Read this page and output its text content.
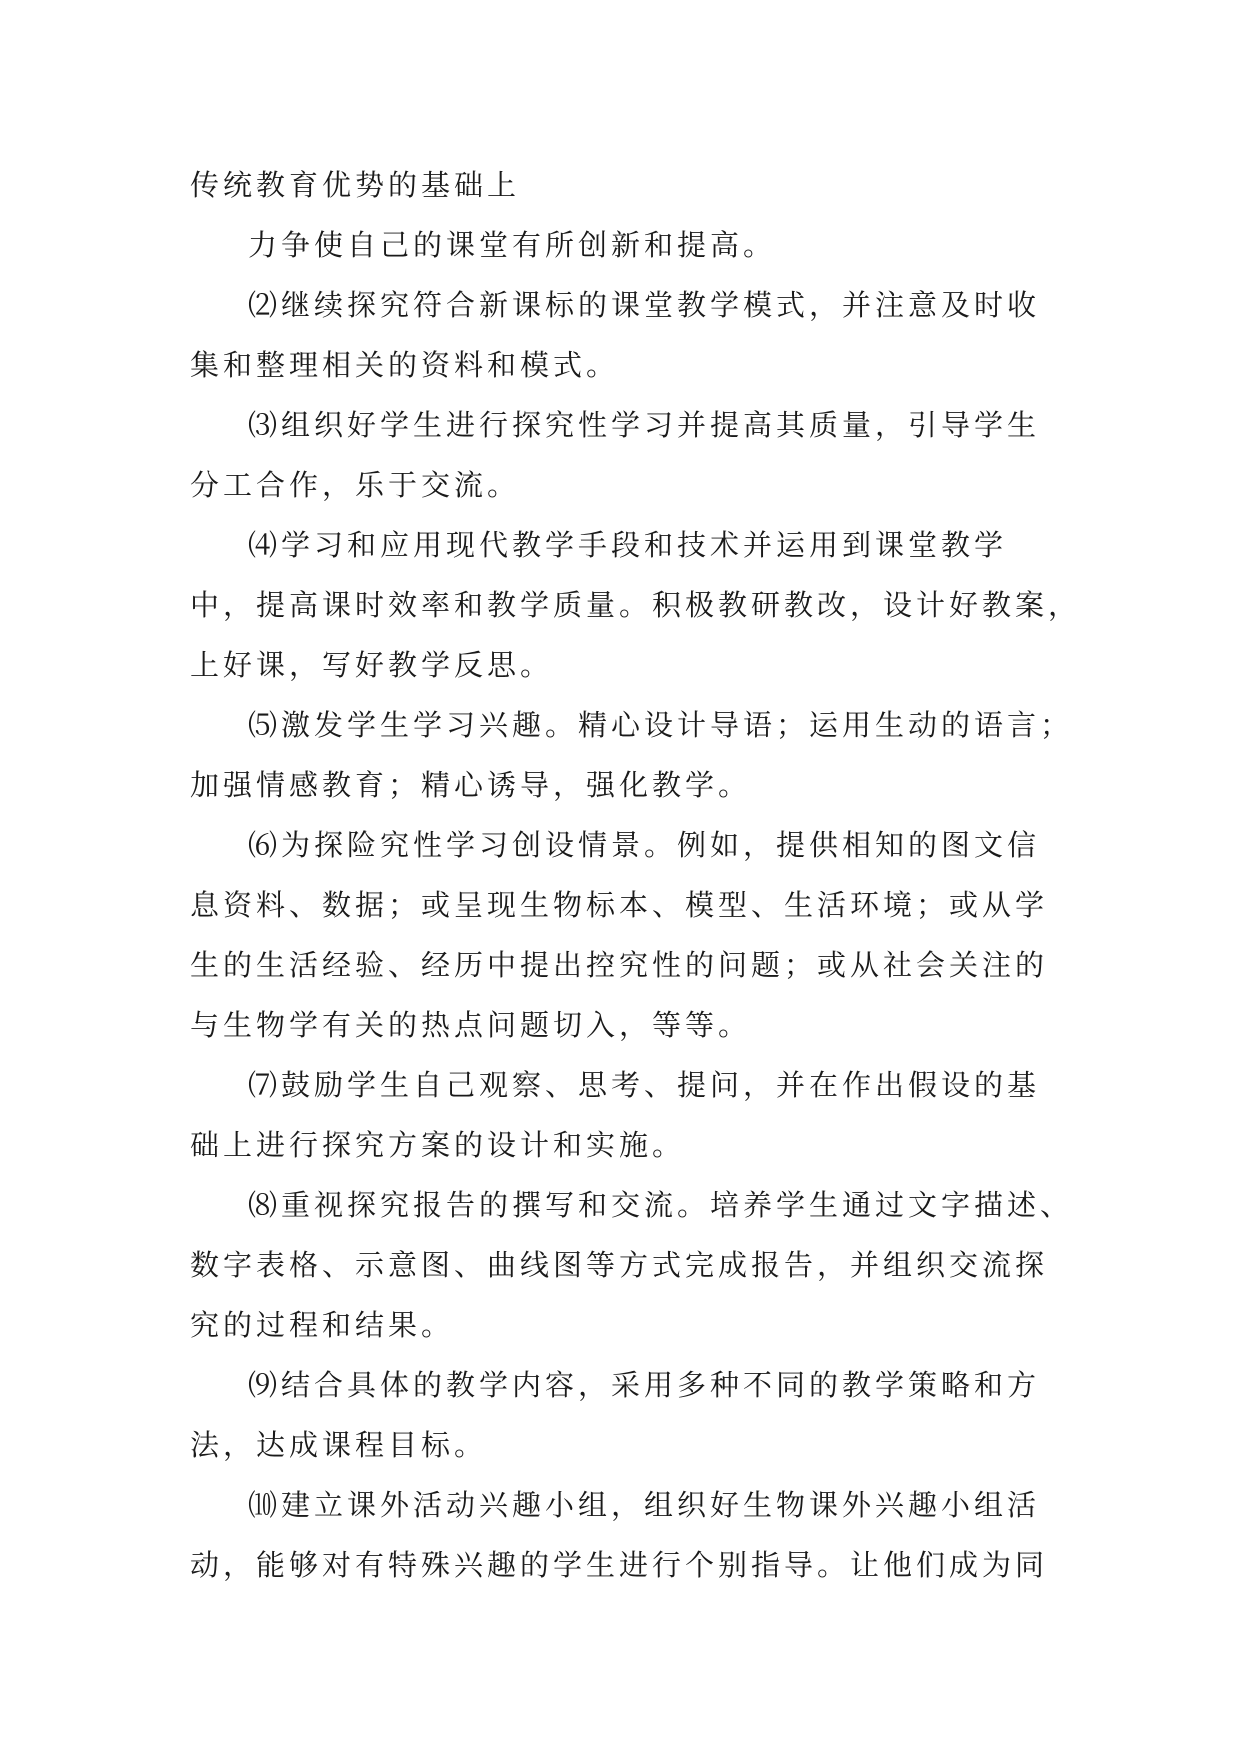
传统教育优势的基础上
力争使自己的课堂有所创新和提高。
⑵继续探究符合新课标的课堂教学模式，并注意及时收
集和整理相关的资料和模式。
⑶组织好学生进行探究性学习并提高其质量，引导学生
分工合作，乐于交流。
⑷学习和应用现代教学手段和技术并运用到课堂教学
中，提高课时效率和教学质量。积极教研教改，设计好教案，
上好课，写好教学反思。
⑸激发学生学习兴趣。精心设计导语；运用生动的语言；
加强情感教育；精心诱导，强化教学。
⑹为探险究性学习创设情景。例如，提供相知的图文信
息资料、数据；或呈现生物标本、模型、生活环境；或从学
生的生活经验、经历中提出控究性的问题；或从社会关注的
与生物学有关的热点问题切入，等等。
⑺鼓励学生自己观察、思考、提问，并在作出假设的基
础上进行探究方案的设计和实施。
⑻重视探究报告的撰写和交流。培养学生通过文字描述、
数字表格、示意图、曲线图等方式完成报告，并组织交流探
究的过程和结果。
⑼结合具体的教学内容，采用多种不同的教学策略和方
法，达成课程目标。
⑽建立课外活动兴趣小组，组织好生物课外兴趣小组活
动，能够对有特殊兴趣的学生进行个别指导。让他们成为同
